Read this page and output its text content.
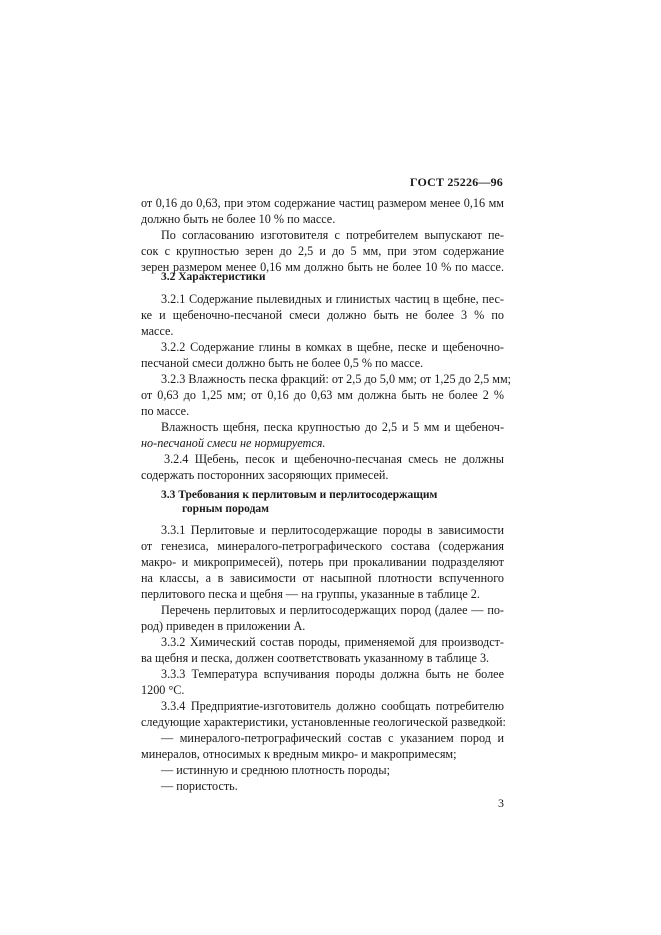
ГОСТ 25226—96
от 0,16 до 0,63, при этом содержание частиц размером менее 0,16 мм
должно быть не более 10 % по массе.
По согласованию изготовителя с потребителем выпускают пе-
сок с крупностью зерен до 2,5 и до 5 мм, при этом содержание
зерен размером менее 0,16 мм должно быть не более 10 % по массе.
3.2 Характеристики
3.2.1 Содержание пылевидных и глинистых частиц в щебне, пес-
ке и щебеночно-песчаной смеси должно быть не более 3 % по
массе.
3.2.2 Содержание глины в комках в щебне, песке и щебеночно-
песчаной смеси должно быть не более 0,5 % по массе.
3.2.3 Влажность песка фракций: от 2,5 до 5,0 мм; от 1,25 до 2,5 мм;
от 0,63 до 1,25 мм; от 0,16 до 0,63 мм должна быть не более 2 %
по массе.
Влажность щебня, песка крупностью до 2,5 и 5 мм и щебеноч-
но-песчаной смеси не нормируется.
3.2.4 Щебень, песок и щебеночно-песчаная смесь не должны
содержать посторонних засоряющих примесей.
3.3 Требования к перлитовым и перлитосодержащим
горным породам
3.3.1 Перлитовые и перлитосодержащие породы в зависимости
от генезиса, минералого-петрографического состава (содержания
макро- и микропримесей), потерь при прокаливании подразделяют
на классы, а в зависимости от насыпной плотности вспученного
перлитового песка и щебня — на группы, указанные в таблице 2.
Перечень перлитовых и перлитосодержащих пород (далее — по-
род) приведен в приложении А.
3.3.2 Химический состав породы, применяемой для производст-
ва щебня и песка, должен соответствовать указанному в таблице 3.
3.3.3 Температура вспучивания породы должна быть не более
1200 °С.
3.3.4 Предприятие-изготовитель должно сообщать потребителю
следующие характеристики, установленные геологической разведкой:
— минералого-петрографический состав с указанием пород и
минералов, относимых к вредным микро- и макропримесям;
— истинную и среднюю плотность породы;
— пористость.
3
